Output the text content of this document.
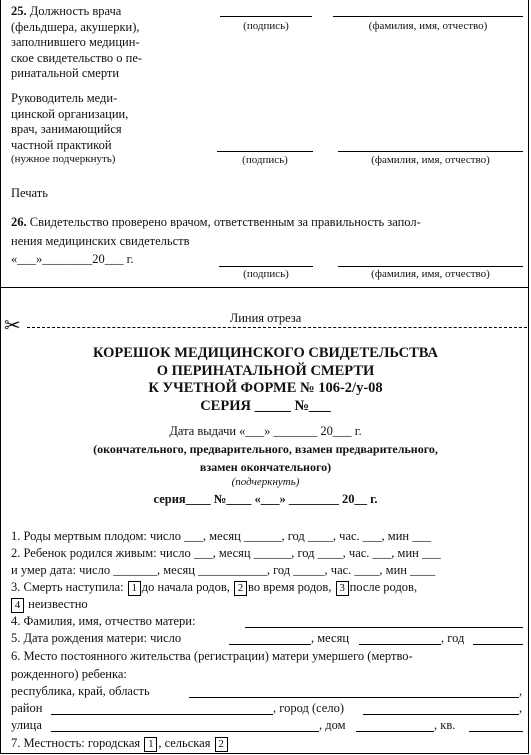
25. Должность врача
(фельдшера, акушерки),
заполнившего медицин-
ское свидетельство о пе-
ринатальной смерти
(подпись)	(фамилия, имя, отчество)
Руководитель меди-
цинской организации,
врач, занимающийся
частной практикой
(нужное подчеркнуть)	(подпись)	(фамилия, имя, отчество)
Печать
26. Свидетельство проверено врачом, ответственным за правильность запол-
нения медицинских свидетельств
«___»________20___ г.
(подпись)	(фамилия, имя, отчество)
Линия отреза
✂
КОРЕШОК МЕДИЦИНСКОГО СВИДЕТЕЛЬСТВА
О ПЕРИНАТАЛЬНОЙ СМЕРТИ
К УЧЕТНОЙ ФОРМЕ № 106-2/у-08
СЕРИЯ _____ №___
Дата выдачи «___» _______ 20___ г.
(окончательного, предварительного, взамен предварительного,
взамен окончательного)
(подчеркнуть)
серия____ №____ «___» ________ 20__ г.
1. Роды мертвым плодом: число ___, месяц ______, год ____, час. ___, мин ___
2. Ребенок родился живым: число ___, месяц ______, год ____, час. ___, мин ___
и умер дата: число _______, месяц ___________, год _____, час. ____, мин ____
3. Смерть наступила: 1 до начала родов, 2 во время родов, 3 после родов,
4 неизвестно
4. Фамилия, имя, отчество матери:
5. Дата рождения матери: число	, месяц	, год
6. Место постоянного жительства (регистрации) матери умершего (мертво-
рожденного) ребенка:
республика, край, область	,
район	, город (село)	,
улица	, дом	, кв.
7. Местность: городская 1 , сельская 2
